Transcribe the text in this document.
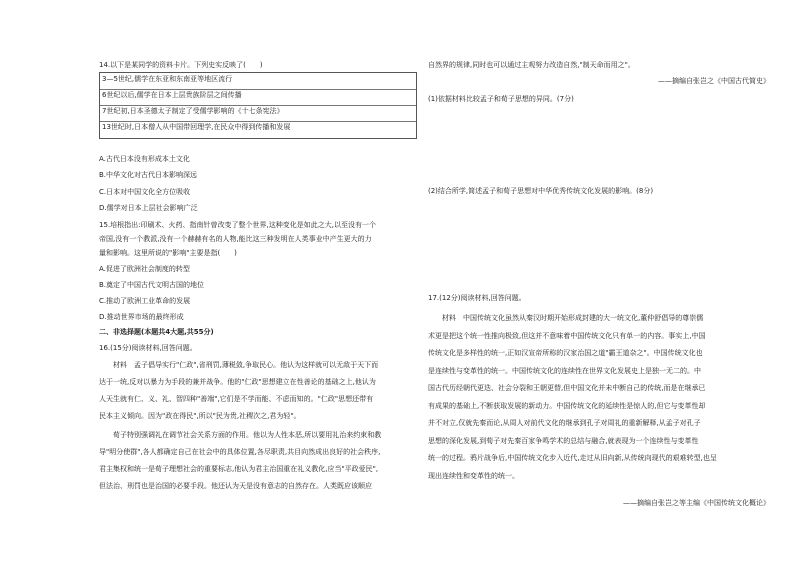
14.以下是某同学的资料卡片。下列史实反映了(　　)
3—5世纪,儒学在东亚和东南亚等地区流行
6世纪以后,儒学在日本上层贵族阶层之间传播
7世纪初,日本圣德太子制定了受儒学影响的《十七条宪法》
13世纪时,日本僧人从中国带回理学,在民众中得到传播和发展
A.古代日本没有形成本土文化
B.中华文化对古代日本影响深远
C.日本对中国文化全方位吸收
D.儒学对日本上层社会影响广泛
15.培根指出:印刷术、火药、指南针曾改变了整个世界,这种变化是如此之大,以至没有一个
帝国,没有一个教派,没有一个赫赫有名的人物,能比这三种发明在人类事业中产生更大的力
量和影响。这里所说的"影响"主要是指(　　)
A.促进了欧洲社会制度的转型
B.奠定了中国古代文明古国的地位
C.推动了欧洲工业革命的发展
D.推动世界市场的最终形成
二、非选择题(本题共4大题,共55分)
16.(15分)阅读材料,回答问题。
材料　孟子倡导实行"仁政",省刑罚,薄税敛,争取民心。他认为这样就可以无敌于天下而
达于一统,反对以暴力为手段的兼并战争。他的"仁政"思想建立在性善论的基础之上,他认为
人天生就有仁、义、礼、智四种"善端",它们是不学而能、不虑而知的。"仁政"思想还带有
民本主义倾向。因为"政在得民",所以"民为贵,社稷次之,君为轻"。
荀子特别强调礼在调节社会关系方面的作用。他以为人性本恶,所以要用礼治来约束和教
导"明分使群",各人都确定自己在社会中的具体位置,各尽职责,共目向然成出良好的社会秩序,
君主集权和统一是荀子理想社会的重要标志,他认为君主治国重在礼义教化,应当"平政爱民",
但法治、刑罚也是治国的必要手段。他还认为天是没有意志的自然存在。人类既应该顺应
自然界的规律,同时也可以通过主观努力改造自然,"制天命而用之"。
——摘编自张岂之《中国古代简史》
(1)依据材料比较孟子和荀子思想的异同。(7分)
(2)结合所学,简述孟子和荀子思想对中华优秀传统文化发展的影响。(8分)
17.(12分)阅读材料,回答问题。
材料　中国传统文化虽然从秦汉时期开始形成封建的大一统文化,董仲舒倡导的尊崇儒
术更是把这个统一性推向极致,但这并不意味着中国传统文化只有单一的内容。事实上,中国
传统文化是多样性的统一,正如汉宣帝所称的汉家治国之道"霸王道杂之"。中国传统文化也
是连续性与变革性的统一。中国传统文化的连续性在世界文化发展史上是独一无二的。中
国古代历经朝代更迭、社会分裂和王朝更替,但中国文化并未中断自己的传统,而是在继承已
有成果的基础上,不断获取发展的新动力。中国传统文化的延续性是惊人的,但它与变革性却
并不对立,仅就先秦而论,从周人对前代文化的继承到孔子对周礼的重新解释,从孟子对孔子
思想的深化发展,到荀子对先秦百家争鸣学术的总结与融合,就表现为一个连续性与变革性
统一的过程。鸦片战争后,中国传统文化步入近代,走过从旧向新,从传统向现代的艰难转型,也呈
现出连续性和变革性的统一。
——摘编自张岂之等主编《中国传统文化概论》
